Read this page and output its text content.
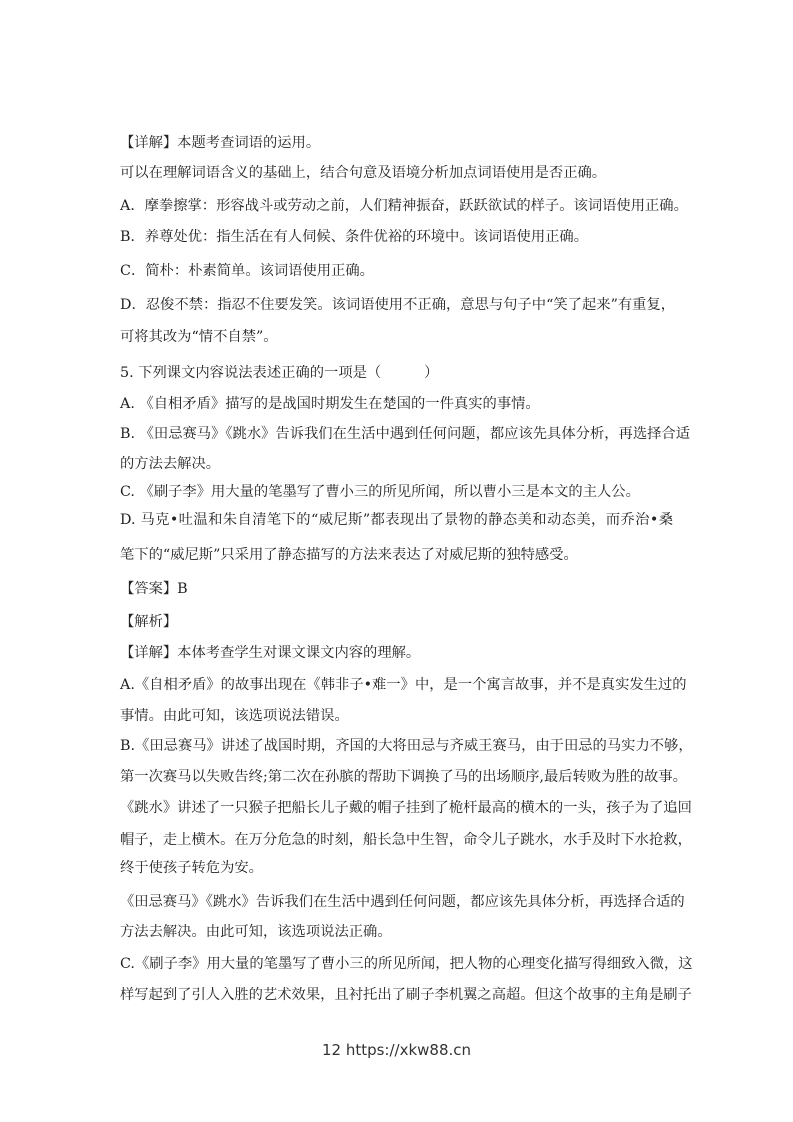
【详解】本题考查词语的运用。
可以在理解词语含义的基础上，结合句意及语境分析加点词语使用是否正确。
A．摩拳擦掌：形容战斗或劳动之前，人们精神振奋，跃跃欲试的样子。该词语使用正确。
B．养尊处优：指生活在有人伺候、条件优裕的环境中。该词语使用正确。
C．简朴：朴素简单。该词语使用正确。
D．忍俊不禁：指忍不住要发笑。该词语使用不正确，意思与句子中“笑了起来”有重复，
可将其改为“情不自禁”。
5. 下列课文内容说法表述正确的一项是（　　　）
A. 《自相矛盾》描写的是战国时期发生在楚国的一件真实的事情。
B. 《田忌赛马》《跳水》告诉我们在生活中遇到任何问题，都应该先具体分析，再选择合适
的方法去解决。
C. 《刷子李》用大量的笔墨写了曹小三的所见所闻，所以曹小三是本文的主人公。
D. 马克•吐温和朱自清笔下的“威尼斯”都表现出了景物的静态美和动态美，而乔治•桑
笔下的“威尼斯”只采用了静态描写的方法来表达了对威尼斯的独特感受。
【答案】B
【解析】
【详解】本体考查学生对课文课文内容的理解。
A.《自相矛盾》的故事出现在《韩非子•难一》中，是一个寓言故事，并不是真实发生过的
事情。由此可知，该选项说法错误。
B.《田忌赛马》讲述了战国时期，齐国的大将田忌与齐威王赛马，由于田忌的马实力不够，
第一次赛马以失败告终;第二次在孙膑的帮助下调换了马的出场顺序,最后转败为胜的故事。
《跳水》讲述了一只猴子把船长儿子戴的帽子挂到了桅杆最高的横木的一头，孩子为了追回
帽子，走上横木。在万分危急的时刻，船长急中生智，命令儿子跳水，水手及时下水抢救，
终于使孩子转危为安。
《田忌赛马》《跳水》告诉我们在生活中遇到任何问题，都应该先具体分析，再选择合适的
方法去解决。由此可知，该选项说法正确。
C.《刷子李》用大量的笔墨写了曹小三的所见所闻，把人物的心理变化描写得细致入微，这
样写起到了引人入胜的艺术效果，且衬托出了刷子李机翼之高超。但这个故事的主角是刷子
12 https://xkw88.cn
